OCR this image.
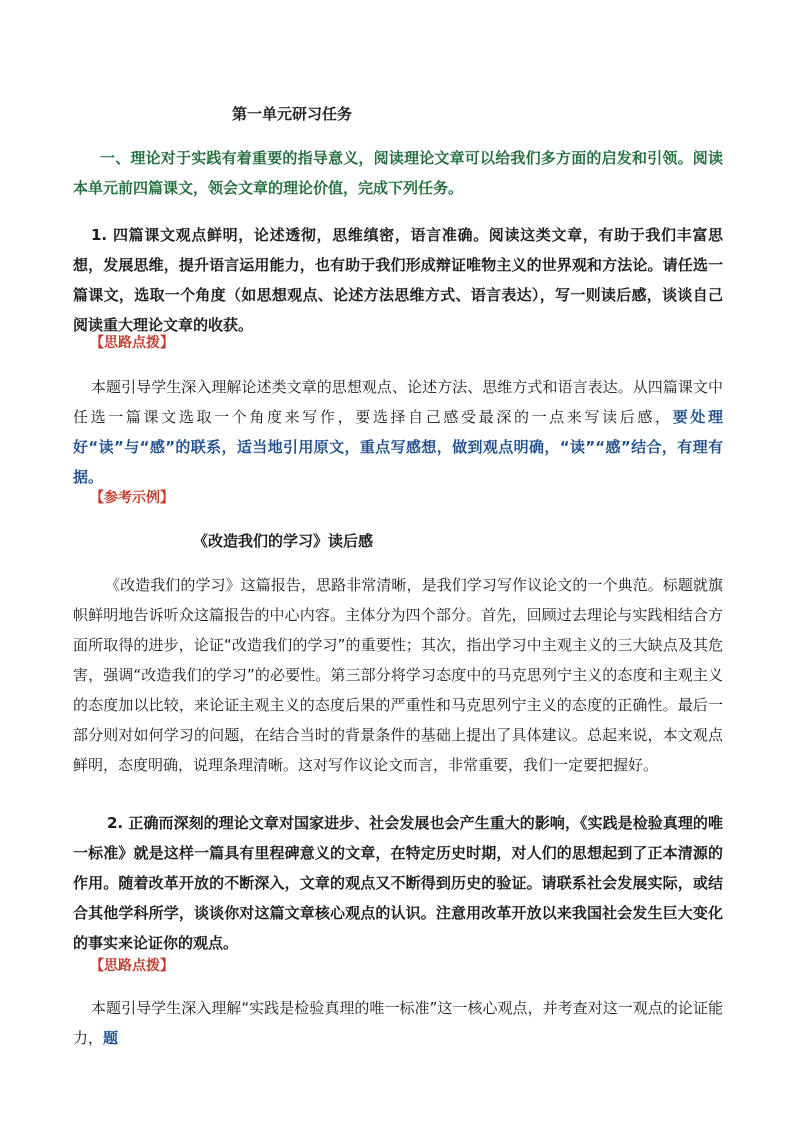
第一单元研习任务

一、理论对于实践有着重要的指导意义，阅读理论文章可以给我们多方面的启发和引领。阅读本单元前四篇课文，领会文章的理论价值，完成下列任务。

1. 四篇课文观点鲜明，论述透彻，思维缜密，语言准确。阅读这类文章，有助于我们丰富思想，发展思维，提升语言运用能力，也有助于我们形成辩证唯物主义的世界观和方法论。请任选一篇课文，选取一个角度（如思想观点、论述方法思维方式、语言表达），写一则读后感，谈谈自己阅读重大理论文章的收获。

【思路点拨】

本题引导学生深入理解论述类文章的思想观点、论述方法、思维方式和语言表达。从四篇课文中任选一篇课文选取一个角度来写作，要选择自己感受最深的一点来写读后感，要处理好“读”与“感”的联系，适当地引用原文，重点写感想，做到观点明确，“读”“感”结合，有理有据。

【参考示例】
《改造我们的学习》读后感

《改造我们的学习》这篇报告，思路非常清晰，是我们学习写作议论文的一个典范。标题就旗帜鲜明地告诉听众这篇报告的中心内容。主体分为四个部分。首先，回顾过去理论与实践相结合方面所取得的进步，论证“改造我们的学习”的重要性；其次，指出学习中主观主义的三大缺点及其危害，强调“改造我们的学习”的必要性。第三部分将学习态度中的马克思列宁主义的态度和主观主义的态度加以比较，来论证主观主义的态度后果的严重性和马克思列宁主义的态度的正确性。最后一部分则对如何学习的问题，在结合当时的背景条件的基础上提出了具体建议。总起来说，本文观点鲜明，态度明确，说理条理清晰。这对写作议论文而言，非常重要，我们一定要把握好。

2. 正确而深刻的理论文章对国家进步、社会发展也会产生重大的影响，《实践是检验真理的唯一标准》就是这样一篇具有里程碑意义的文章，在特定历史时期，对人们的思想起到了正本清源的作用。随着改革开放的不断深入，文章的观点又不断得到历史的验证。请联系社会发展实际，或结合其他学科所学，谈谈你对这篇文章核心观点的认识。注意用改革开放以来我国社会发生巨大变化的事实来论证你的观点。

【思路点拨】

本题引导学生深入理解“实践是检验真理的唯一标准”这一核心观点，并考查对这一观点的论证能力，题
